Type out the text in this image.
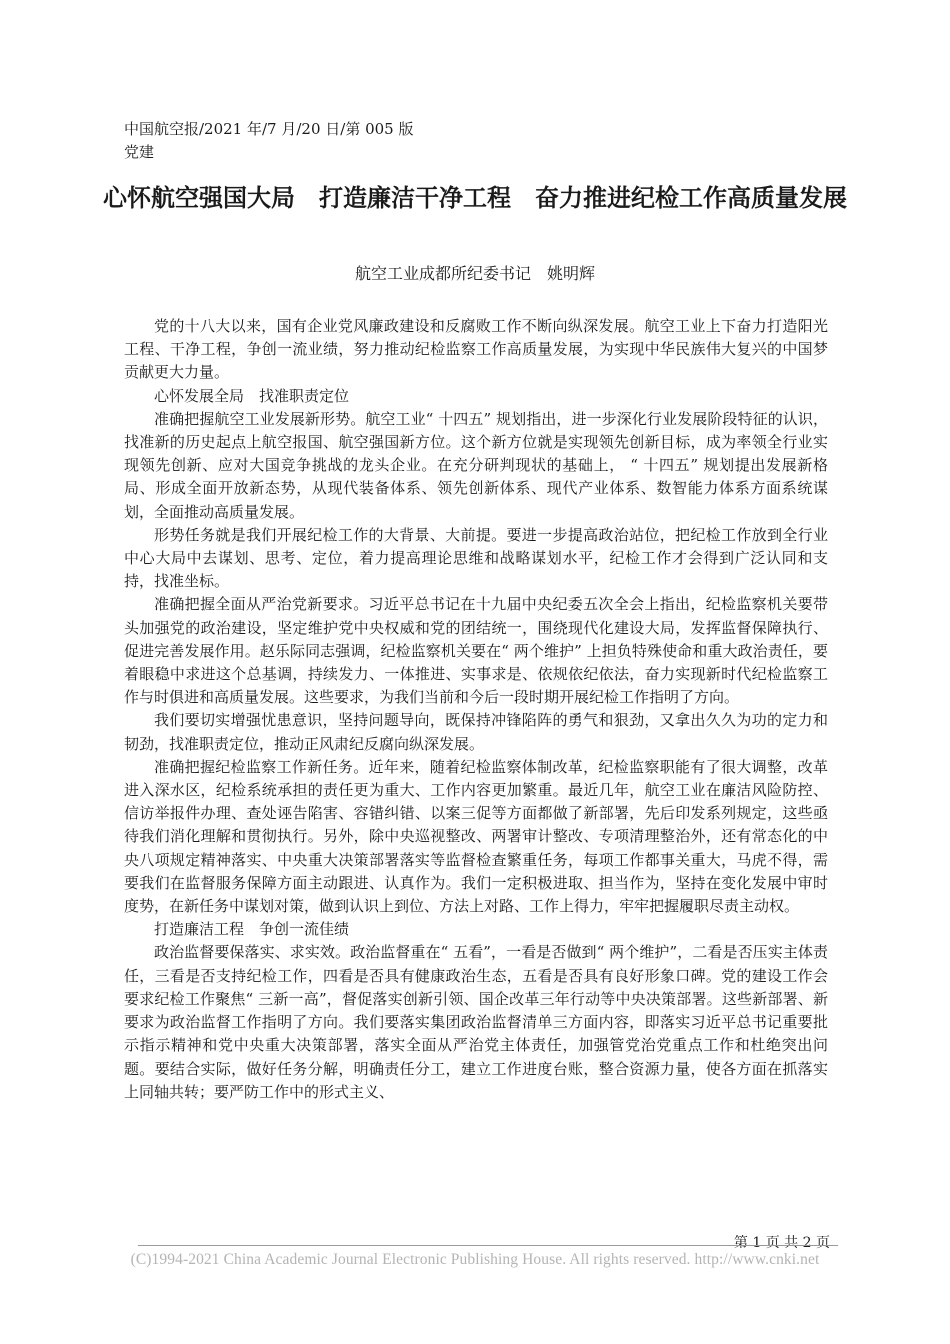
中国航空报/2021 年/7 月/20 日/第 005 版党建
心怀航空强国大局　打造廉洁干净工程　奋力推进纪检工作高质量发展
航空工业成都所纪委书记　姚明辉

党的十八大以来，国有企业党风廉政建设和反腐败工作不断向纵深发展。航空工业上下奋力打造阳光工程、干净工程，争创一流业绩，努力推动纪检监察工作高质量发展，为实现中华民族伟大复兴的中国梦贡献更大力量。

心怀发展全局　找准职责定位

准确把握航空工业发展新形势。航空工业“ 十四五” 规划指出，进一步深化行业发展阶段特征的认识，找准新的历史起点上航空报国、航空强国新方位。这个新方位就是实现领先创新目标，成为率领全行业实现领先创新、应对大国竞争挑战的龙头企业。在充分研判现状的基础上， “ 十四五” 规划提出发展新格局、形成全面开放新态势，从现代装备体系、领先创新体系、现代产业体系、数智能力体系方面系统谋划，全面推动高质量发展。

形势任务就是我们开展纪检工作的大背景、大前提。要进一步提高政治站位，把纪检工作放到全行业中心大局中去谋划、思考、定位，着力提高理论思维和战略谋划水平，纪检工作才会得到广泛认同和支持，找准坐标。

准确把握全面从严治党新要求。习近平总书记在十九届中央纪委五次全会上指出，纪检监察机关要带头加强党的政治建设，坚定维护党中央权威和党的团结统一，围绕现代化建设大局，发挥监督保障执行、促进完善发展作用。赵乐际同志强调，纪检监察机关要在“ 两个维护” 上担负特殊使命和重大政治责任，要着眼稳中求进这个总基调，持续发力、一体推进、实事求是、依规依纪依法，奋力实现新时代纪检监察工作与时俱进和高质量发展。这些要求，为我们当前和今后一段时期开展纪检工作指明了方向。

我们要切实增强忧患意识，坚持问题导向，既保持冲锋陷阵的勇气和狠劲，又拿出久久为功的定力和韧劲，找准职责定位，推动正风肃纪反腐向纵深发展。

准确把握纪检监察工作新任务。近年来，随着纪检监察体制改革，纪检监察职能有了很大调整，改革进入深水区，纪检系统承担的责任更为重大、工作内容更加繁重。最近几年，航空工业在廉洁风险防控、信访举报件办理、查处诬告陷害、容错纠错、以案三促等方面都做了新部署，先后印发系列规定，这些亟待我们消化理解和贯彻执行。另外，除中央巡视整改、两署审计整改、专项清理整治外，还有常态化的中央八项规定精神落实、中央重大决策部署落实等监督检查繁重任务，每项工作都事关重大，马虎不得，需要我们在监督服务保障方面主动跟进、认真作为。我们一定积极进取、担当作为，坚持在变化发展中审时度势，在新任务中谋划对策，做到认识上到位、方法上对路、工作上得力，牢牢把握履职尽责主动权。

打造廉洁工程　争创一流佳绩

政治监督要保落实、求实效。政治监督重在“ 五看”，一看是否做到“ 两个维护”，二看是否压实主体责任，三看是否支持纪检工作，四看是否具有健康政治生态，五看是否具有良好形象口碑。党的建设工作会要求纪检工作聚焦“ 三新一高”，督促落实创新引领、国企改革三年行动等中央决策部署。这些新部署、新要求为政治监督工作指明了方向。我们要落实集团政治监督清单三方面内容，即落实习近平总书记重要批示指示精神和党中央重大决策部署，落实全面从严治党主体责任，加强管党治党重点工作和杜绝突出问题。要结合实际，做好任务分解，明确责任分工，建立工作进度台账，整合资源力量，使各方面在抓落实上同轴共转；要严防工作中的形式主义、

第 1 页 共 2 页
(C)1994-2021 China Academic Journal Electronic Publishing House. All rights reserved. http://www.cnki.net
